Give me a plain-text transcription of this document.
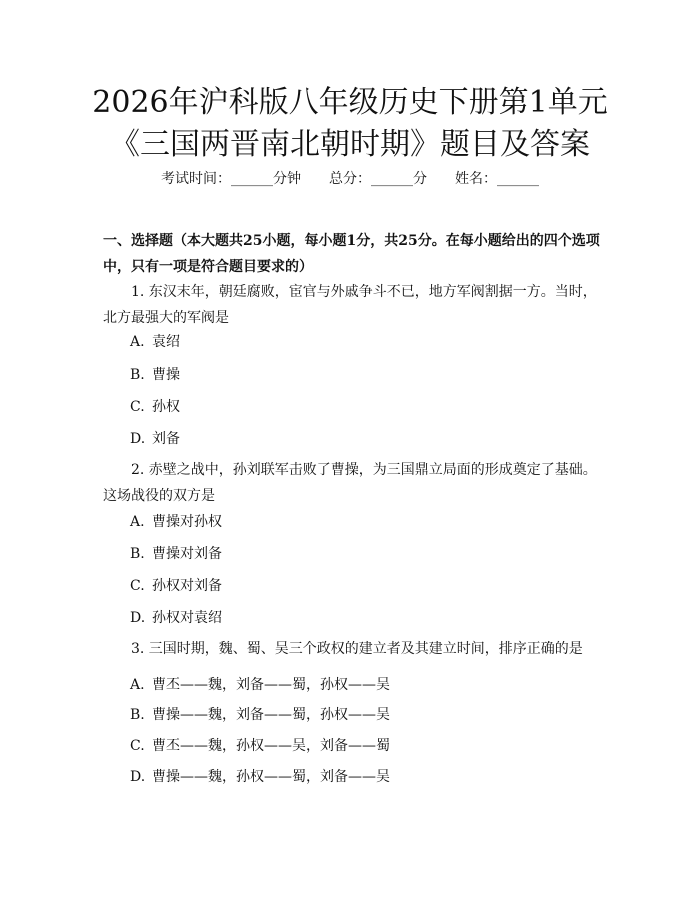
2026年沪科版八年级历史下册第1单元《三国两晋南北朝时期》题目及答案
考试时间：______分钟　　总分：______分　　姓名：______
一、选择题（本大题共25小题，每小题1分，共25分。在每小题给出的四个选项中，只有一项是符合题目要求的）
1. 东汉末年，朝廷腐败，宦官与外戚争斗不已，地方军阀割据一方。当时，北方最强大的军阀是
A. 袁绍
B. 曹操
C. 孙权
D. 刘备
2. 赤壁之战中，孙刘联军击败了曹操，为三国鼎立局面的形成奠定了基础。这场战役的双方是
A. 曹操对孙权
B. 曹操对刘备
C. 孙权对刘备
D. 孙权对袁绍
3. 三国时期，魏、蜀、吴三个政权的建立者及其建立时间，排序正确的是
A. 曹丕——魏，刘备——蜀，孙权——吴
B. 曹操——魏，刘备——蜀，孙权——吴
C. 曹丕——魏，孙权——吴，刘备——蜀
D. 曹操——魏，孙权——蜀，刘备——吴
